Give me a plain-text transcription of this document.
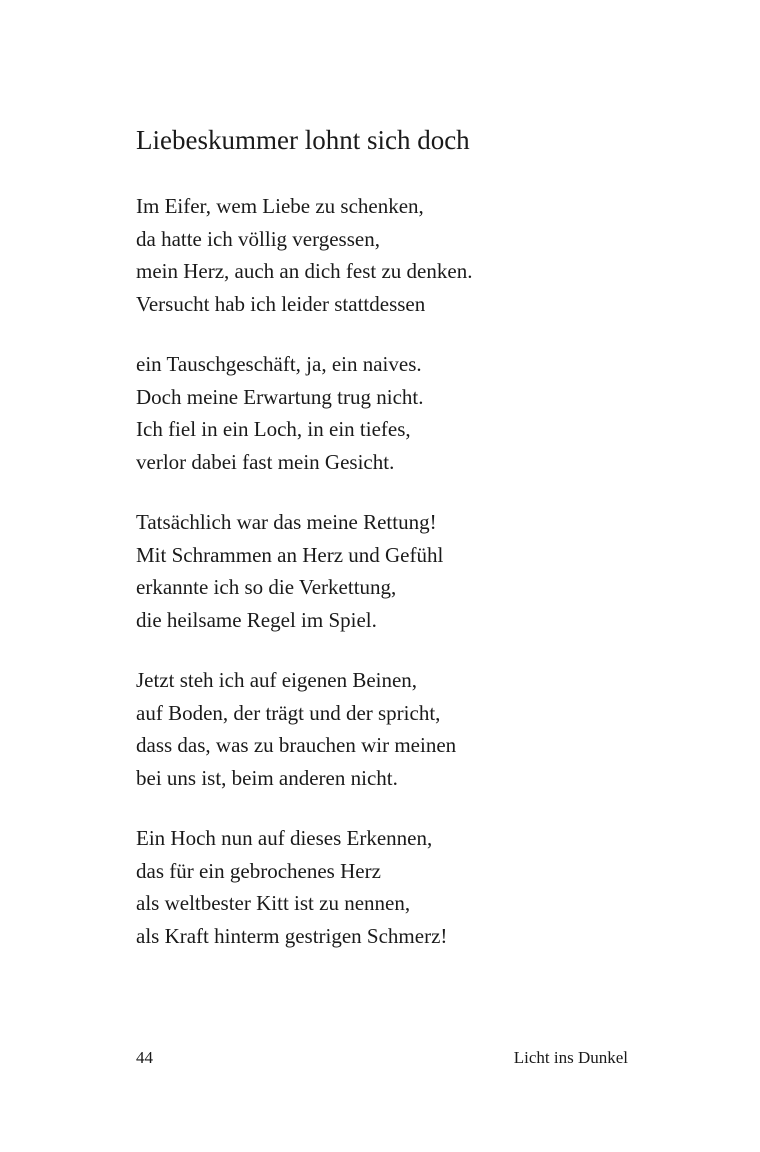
Liebeskummer lohnt sich doch
Im Eifer, wem Liebe zu schenken,
da hatte ich völlig vergessen,
mein Herz, auch an dich fest zu denken.
Versucht hab ich leider stattdessen
ein Tauschgeschäft, ja, ein naives.
Doch meine Erwartung trug nicht.
Ich fiel in ein Loch, in ein tiefes,
verlor dabei fast mein Gesicht.
Tatsächlich war das meine Rettung!
Mit Schrammen an Herz und Gefühl
erkannte ich so die Verkettung,
die heilsame Regel im Spiel.
Jetzt steh ich auf eigenen Beinen,
auf Boden, der trägt und der spricht,
dass das, was zu brauchen wir meinen
bei uns ist, beim anderen nicht.
Ein Hoch nun auf dieses Erkennen,
das für ein gebrochenes Herz
als weltbester Kitt ist zu nennen,
als Kraft hinterm gestrigen Schmerz!
44	Licht ins Dunkel
